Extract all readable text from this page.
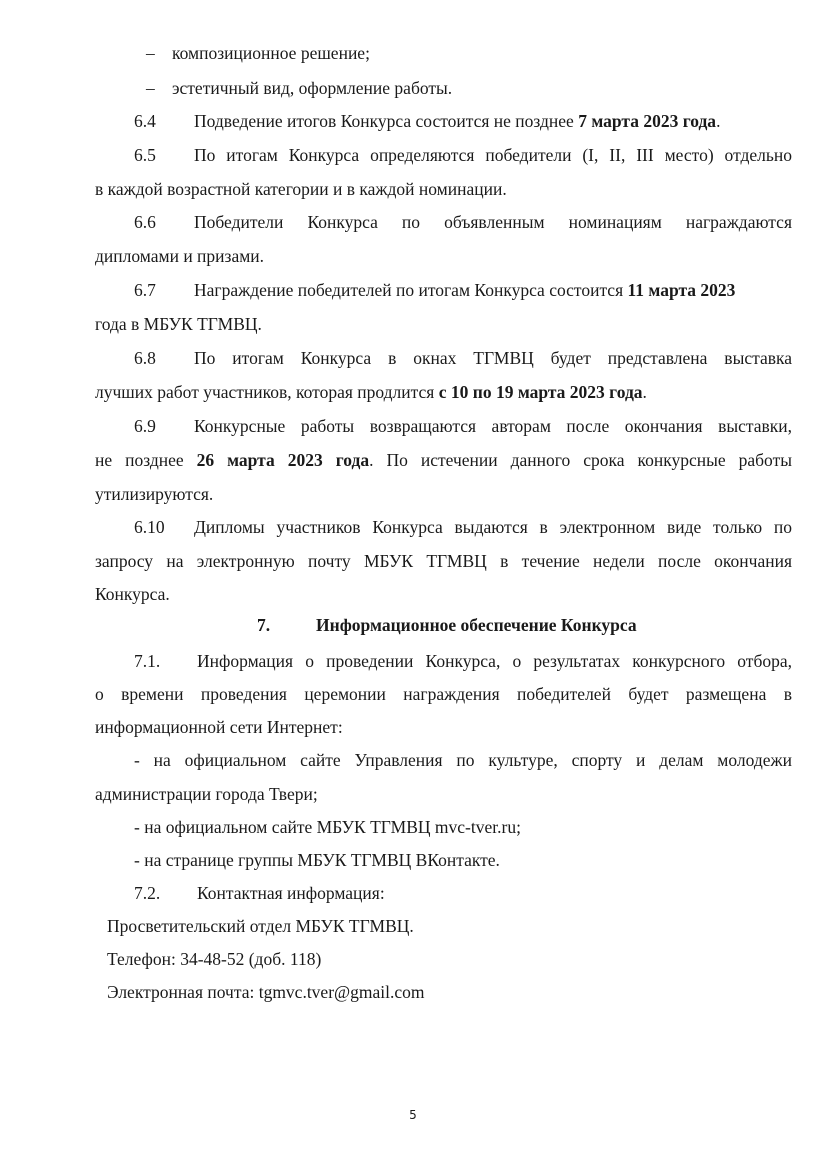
– композиционное решение;
– эстетичный вид, оформление работы.
6.4 Подведение итогов Конкурса состоится не позднее 7 марта 2023 года.
6.5 По итогам Конкурса определяются победители (I, II, III место) отдельно
в каждой возрастной категории и в каждой номинации.
6.6 Победители Конкурса по объявленным номинациям награждаются
дипломами и призами.
6.7 Награждение победителей по итогам Конкурса состоится 11 марта 2023
года в МБУК ТГМВЦ.
6.8 По итогам Конкурса в окнах ТГМВЦ будет представлена выставка
лучших работ участников, которая продлится с 10 по 19 марта 2023 года.
6.9 Конкурсные работы возвращаются авторам после окончания выставки,
не позднее 26 марта 2023 года. По истечении данного срока конкурсные работы
утилизируются.
6.10 Дипломы участников Конкурса выдаются в электронном виде только по
запросу на электронную почту МБУК ТГМВЦ в течение недели после окончания
Конкурса.
7.	Информационное обеспечение Конкурса
7.1. Информация о проведении Конкурса, о результатах конкурсного отбора,
о времени проведения церемонии награждения победителей будет размещена в
информационной сети Интернет:
- на официальном сайте Управления по культуре, спорту и делам молодежи
администрации города Твери;
- на официальном сайте МБУК ТГМВЦ mvc-tver.ru;
- на странице группы МБУК ТГМВЦ ВКонтакте.
7.2. Контактная информация:
Просветительский отдел МБУК ТГМВЦ.
Телефон: 34-48-52 (доб. 118)
Электронная почта: tgmvc.tver@gmail.com
5
